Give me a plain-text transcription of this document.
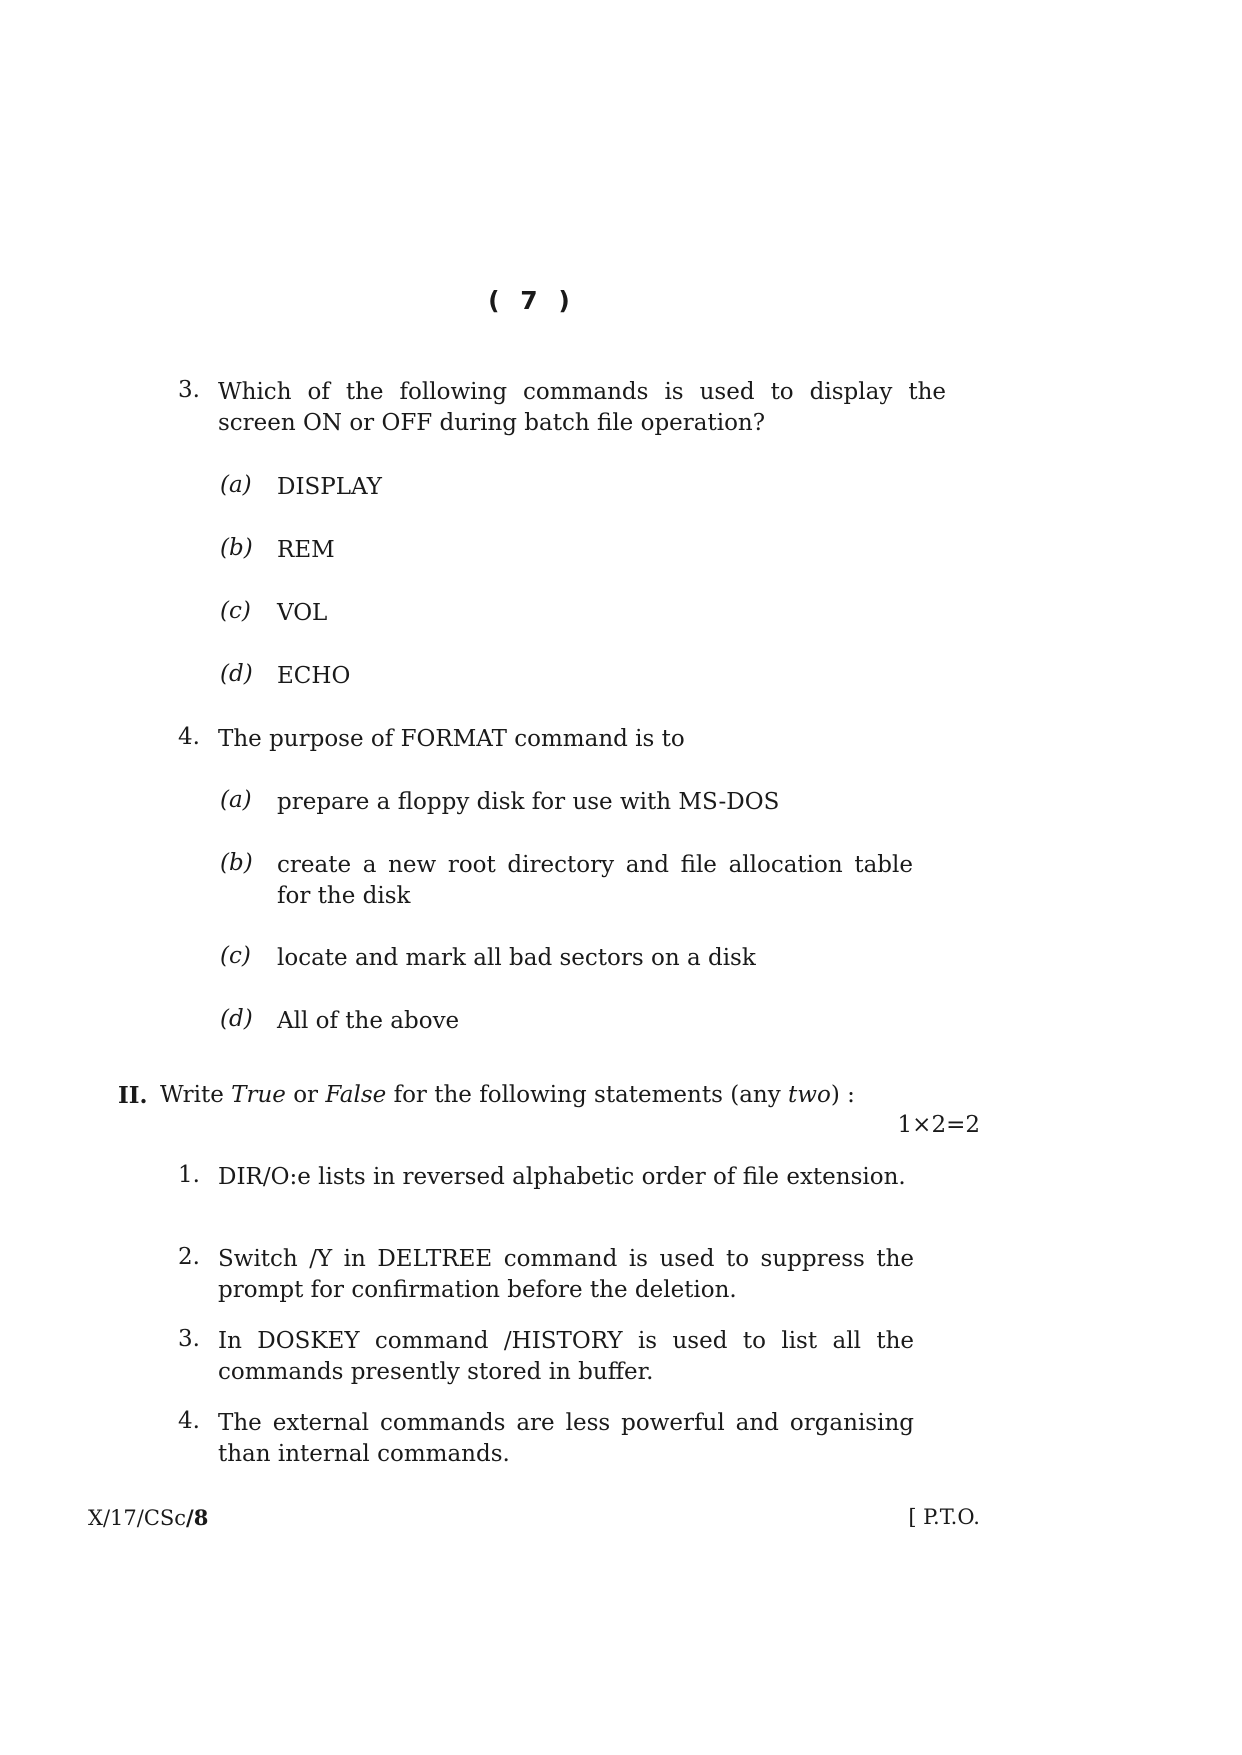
( 7 )
3. Which of the following commands is used to display the screen ON or OFF during batch file operation?
(a)	DISPLAY
(b)	REM
(c)	VOL
(d)	ECHO
4. The purpose of FORMAT command is to
(a)	prepare a floppy disk for use with MS-DOS
(b)	create a new root directory and file allocation table for the disk
(c)	locate and mark all bad sectors on a disk
(d)	All of the above
II. Write True or False for the following statements (any two) :
1×2=2
1. DIR/O:e lists in reversed alphabetic order of file extension.
2. Switch /Y in DELTREE command is used to suppress the prompt for confirmation before the deletion.
3. In DOSKEY command /HISTORY is used to list all the commands presently stored in buffer.
4. The external commands are less powerful and organising than internal commands.
X/17/CSc/8	[ P.T.O.
